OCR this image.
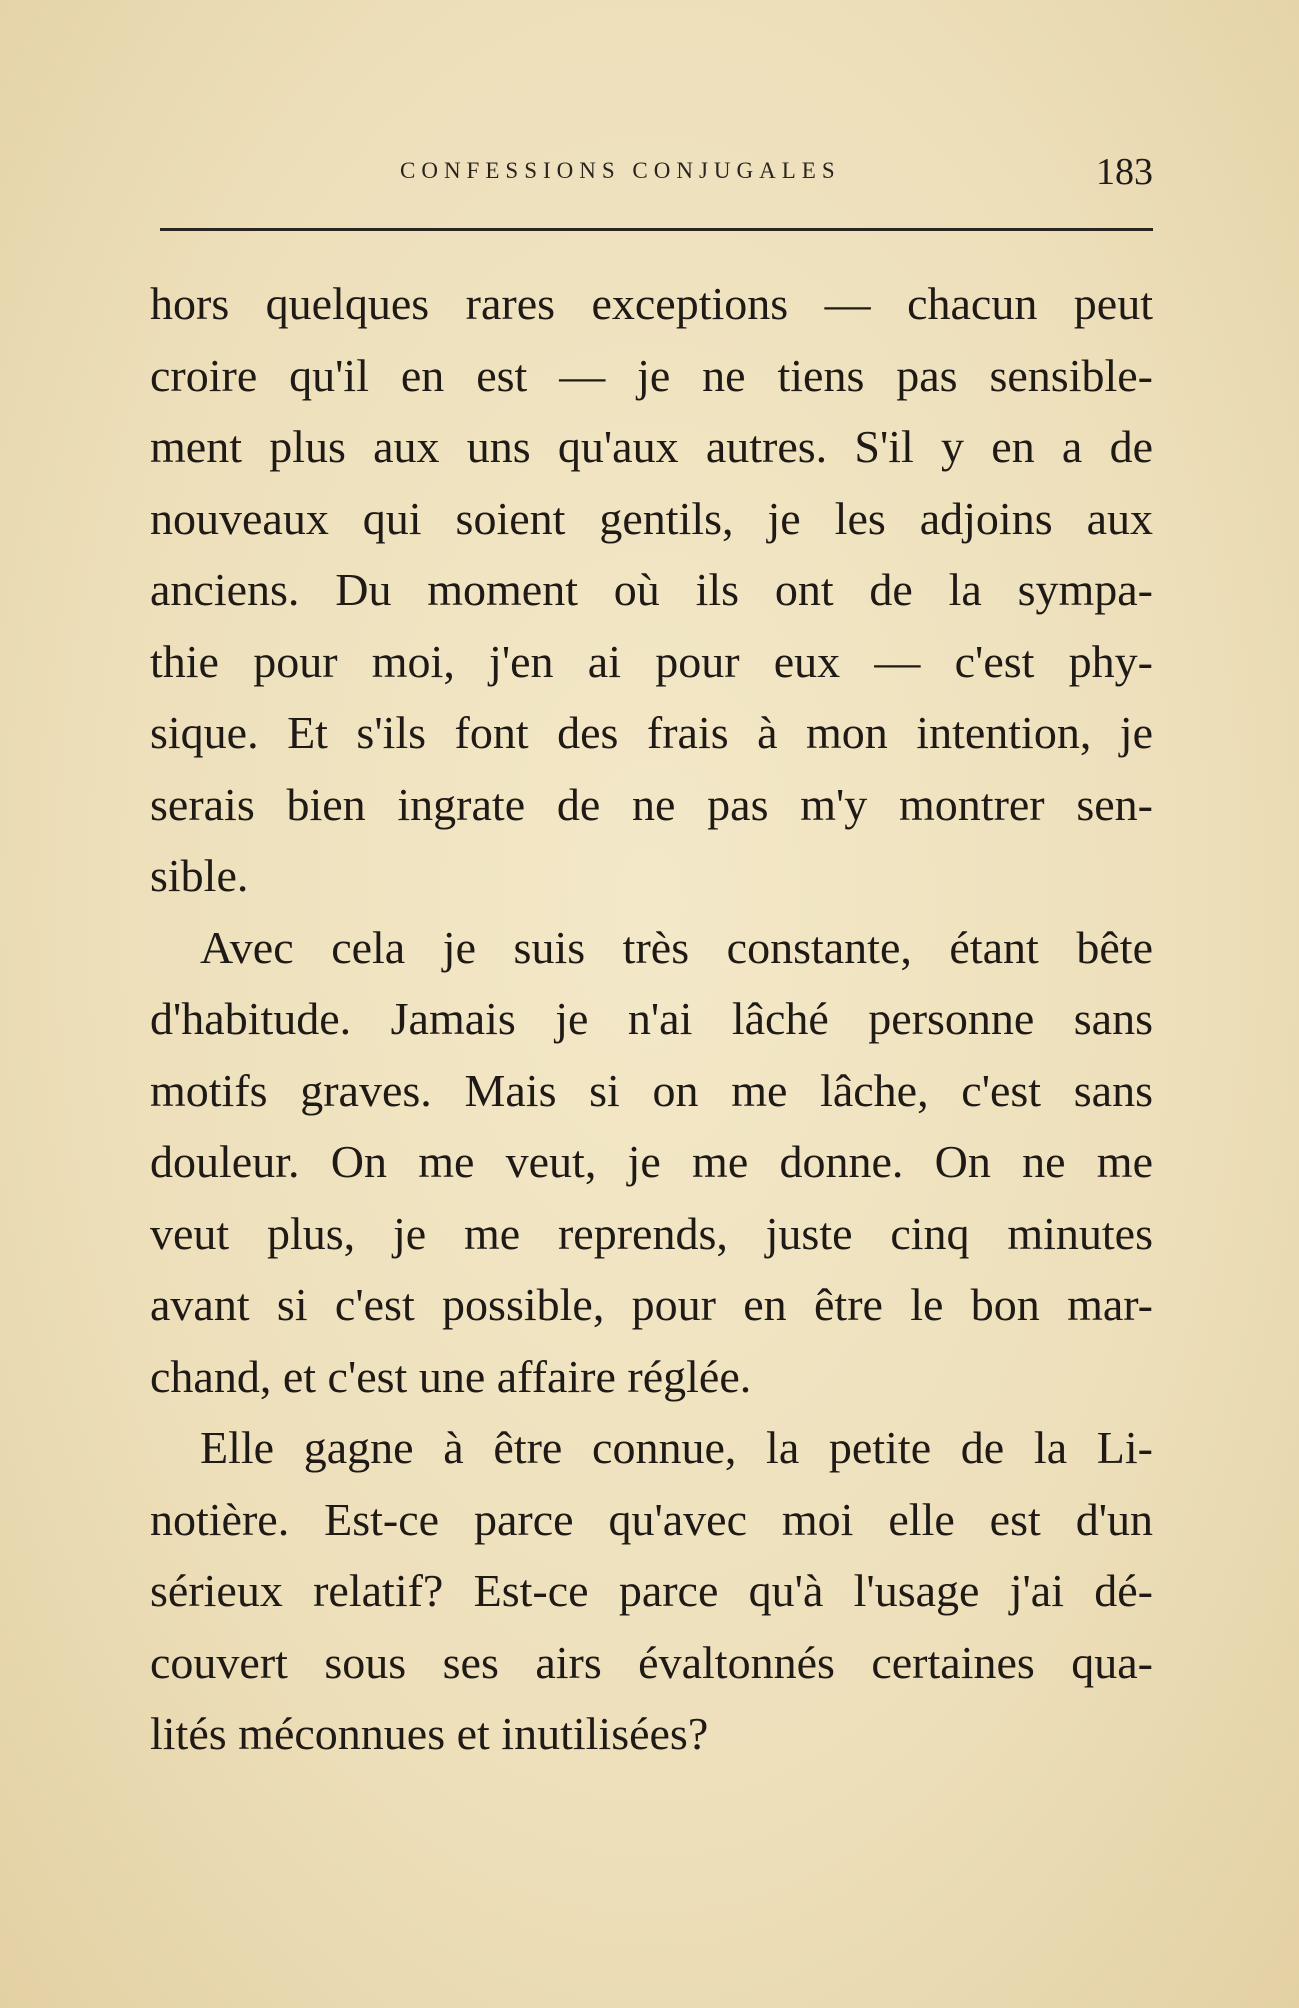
CONFESSIONS CONJUGALES	183
hors quelques rares exceptions — chacun peut
croire qu'il en est — je ne tiens pas sensible-
ment plus aux uns qu'aux autres. S'il y en a de
nouveaux qui soient gentils, je les adjoins aux
anciens. Du moment où ils ont de la sympa-
thie pour moi, j'en ai pour eux — c'est phy-
sique. Et s'ils font des frais à mon intention, je
serais bien ingrate de ne pas m'y montrer sen-
sible.
Avec cela je suis très constante, étant bête
d'habitude. Jamais je n'ai lâché personne sans
motifs graves. Mais si on me lâche, c'est sans
douleur. On me veut, je me donne. On ne me
veut plus, je me reprends, juste cinq minutes
avant si c'est possible, pour en être le bon mar-
chand, et c'est une affaire réglée.
Elle gagne à être connue, la petite de la Li-
notière. Est-ce parce qu'avec moi elle est d'un
sérieux relatif? Est-ce parce qu'à l'usage j'ai dé-
couvert sous ses airs évaltonnés certaines qua-
lités méconnues et inutilisées?
